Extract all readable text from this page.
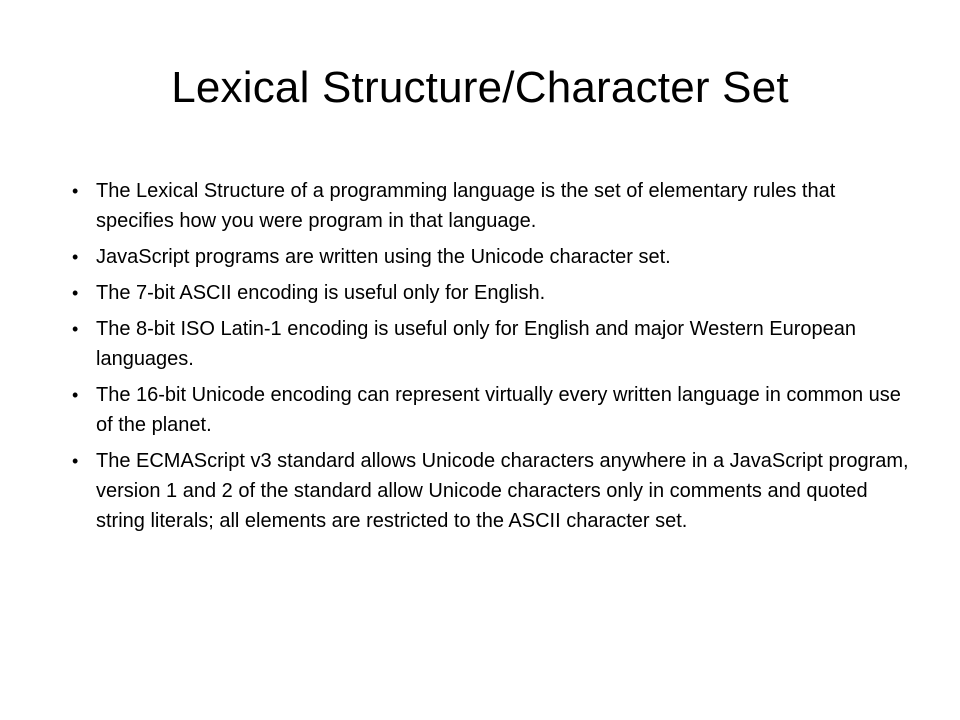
Lexical Structure/Character Set
• The Lexical Structure of a programming language is the set of elementary rules that specifies how you were program in that language.
• JavaScript programs are written using the Unicode character set.
• The 7-bit ASCII encoding is useful only for English.
• The 8-bit ISO Latin-1 encoding is useful only for English and major Western European languages.
• The 16-bit Unicode encoding can represent virtually every written language in common use of the planet.
• The ECMAScript v3 standard allows Unicode characters anywhere in a JavaScript program, version 1 and 2 of the standard allow Unicode characters only in comments and quoted string literals; all elements are restricted to the ASCII character set.
